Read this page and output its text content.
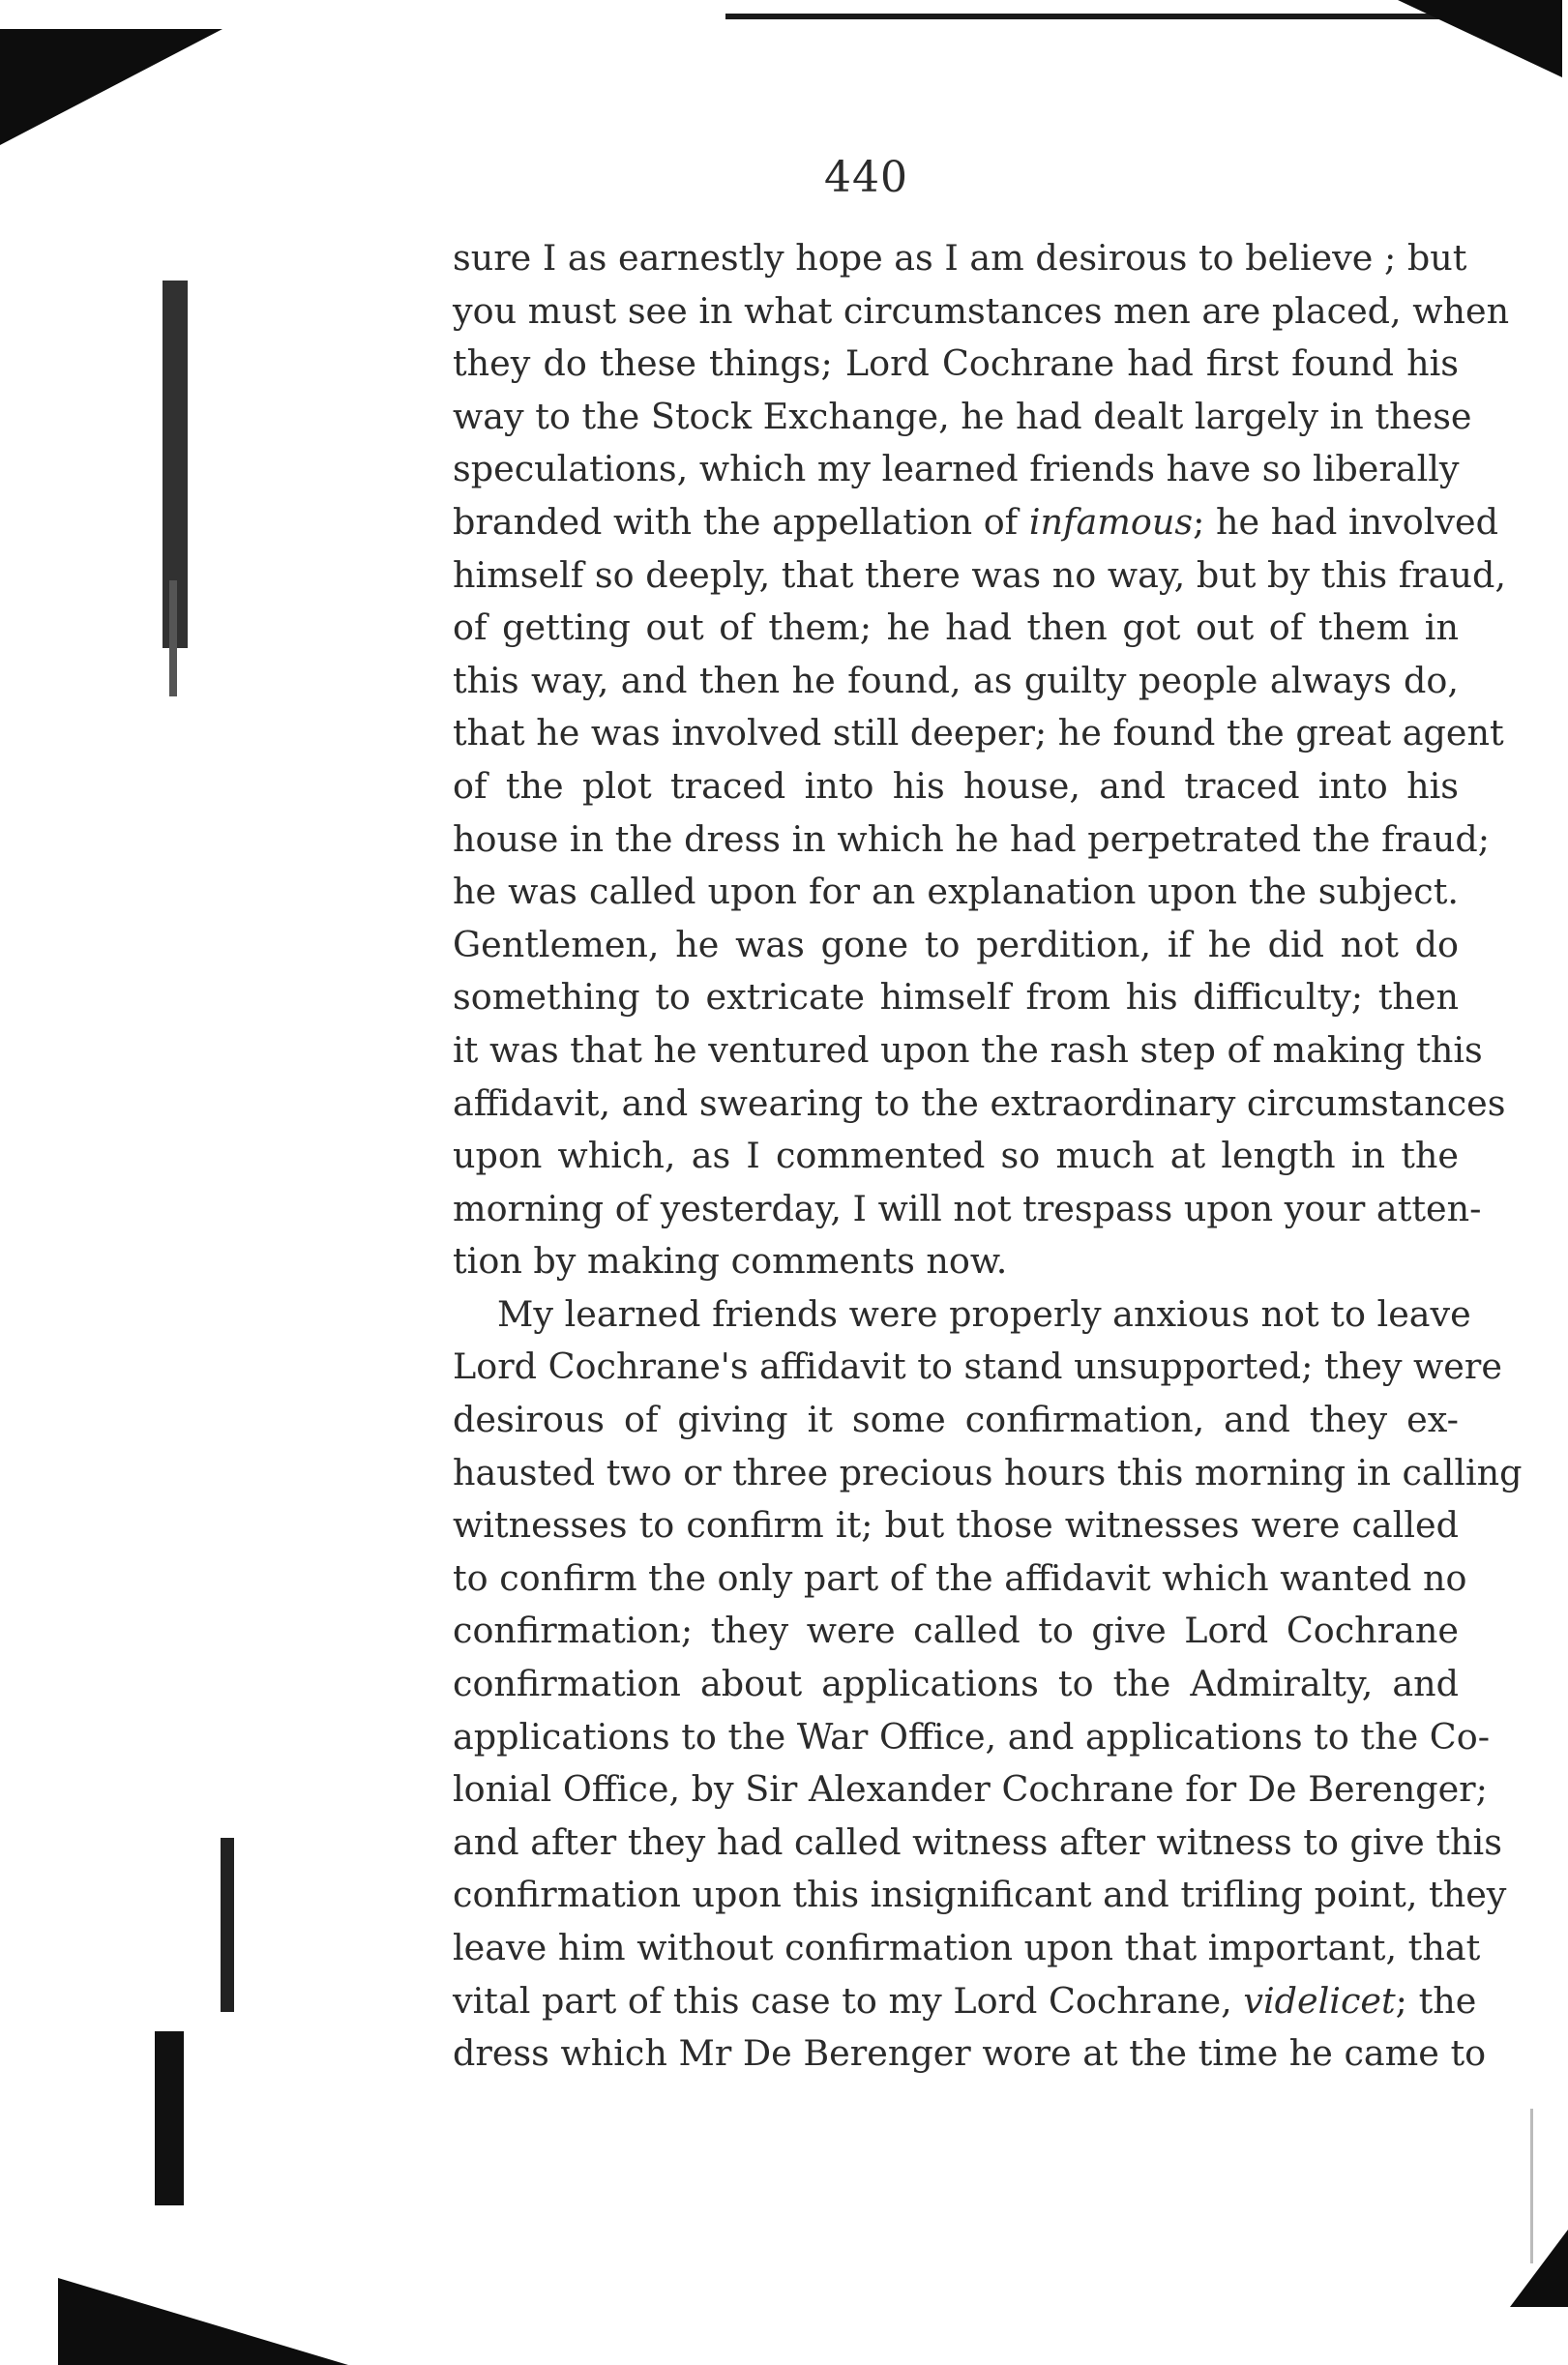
440
sure I as earnestly hope as I am desirous to believe ; but
you must see in what circumstances men are placed, when
they do these things; Lord Cochrane had first found his
way to the Stock Exchange, he had dealt largely in these
speculations, which my learned friends have so liberally
branded with the appellation of infamous; he had involved
himself so deeply, that there was no way, but by this fraud,
of getting out of them; he had then got out of them in
this way, and then he found, as guilty people always do,
that he was involved still deeper; he found the great agent
of the plot traced into his house, and traced into his
house in the dress in which he had perpetrated the fraud;
he was called upon for an explanation upon the subject.
Gentlemen, he was gone to perdition, if he did not do
something to extricate himself from his difficulty; then
it was that he ventured upon the rash step of making this
affidavit, and swearing to the extraordinary circumstances
upon which, as I commented so much at length in the
morning of yesterday, I will not trespass upon your atten-
tion by making comments now.
My learned friends were properly anxious not to leave
Lord Cochrane's affidavit to stand unsupported; they were
desirous of giving it some confirmation, and they ex-
hausted two or three precious hours this morning in calling
witnesses to confirm it; but those witnesses were called
to confirm the only part of the affidavit which wanted no
confirmation; they were called to give Lord Cochrane
confirmation about applications to the Admiralty, and
applications to the War Office, and applications to the Co-
lonial Office, by Sir Alexander Cochrane for De Berenger;
and after they had called witness after witness to give this
confirmation upon this insignificant and trifling point, they
leave him without confirmation upon that important, that
vital part of this case to my Lord Cochrane, videlicet; the
dress which Mr De Berenger wore at the time he came to
